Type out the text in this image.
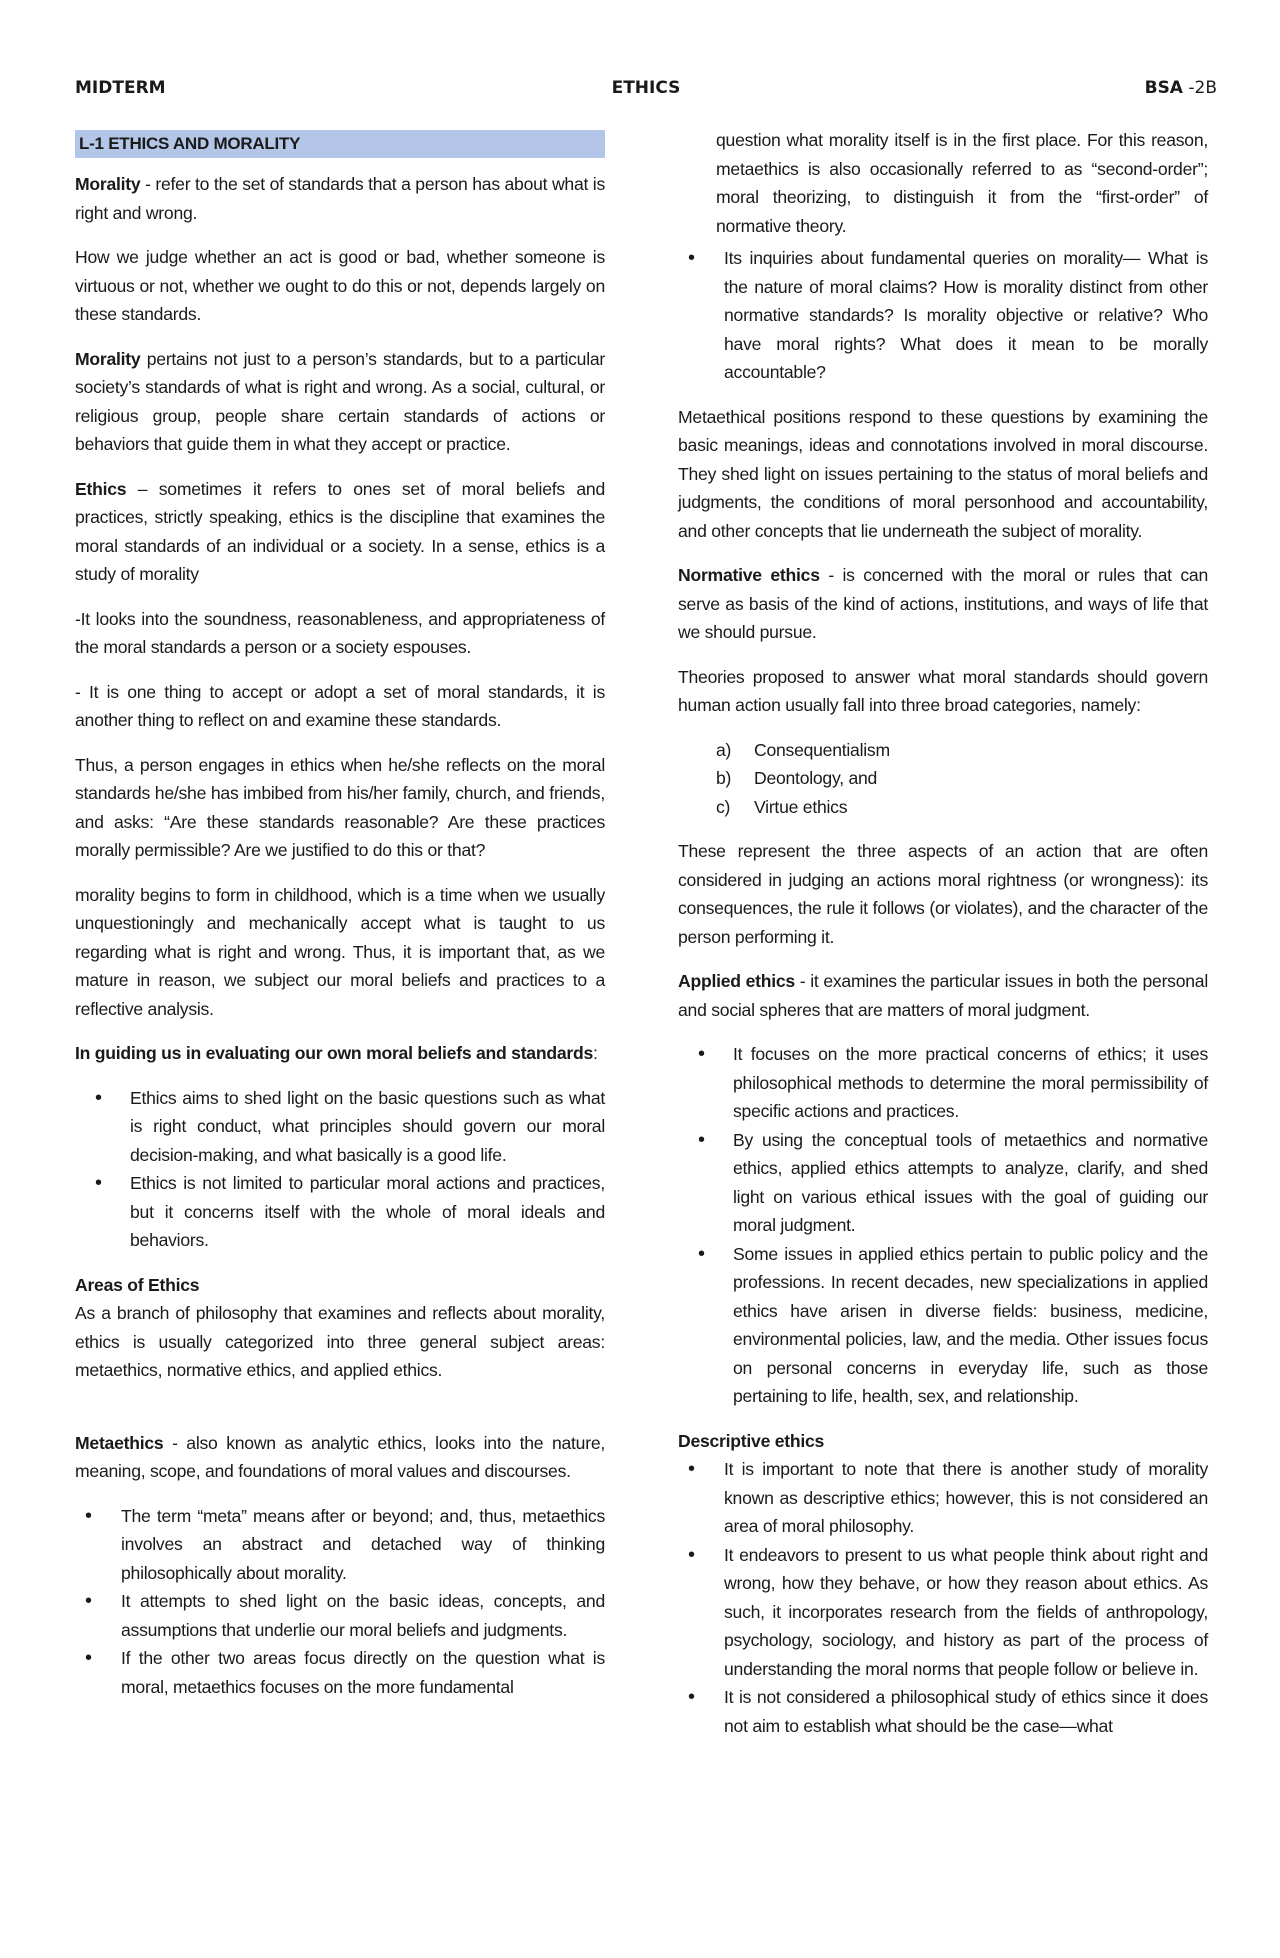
MIDTERM	ETHICS	BSA -2B
L-1 ETHICS AND MORALITY

Morality - refer to the set of standards that a person has about what is right and wrong.

How we judge whether an act is good or bad, whether someone is virtuous or not, whether we ought to do this or not, depends largely on these standards.

Morality pertains not just to a person’s standards, but to a particular society’s standards of what is right and wrong. As a social, cultural, or religious group, people share certain standards of actions or behaviors that guide them in what they accept or practice.

Ethics – sometimes it refers to ones set of moral beliefs and practices, strictly speaking, ethics is the discipline that examines the moral standards of an individual or a society. In a sense, ethics is a study of morality

-It looks into the soundness, reasonableness, and appropriateness of the moral standards a person or a society espouses.

- It is one thing to accept or adopt a set of moral standards, it is another thing to reflect on and examine these standards.

Thus, a person engages in ethics when he/she reflects on the moral standards he/she has imbibed from his/her family, church, and friends, and asks: “Are these standards reasonable? Are these practices morally permissible? Are we justified to do this or that?

morality begins to form in childhood, which is a time when we usually unquestioningly and mechanically accept what is taught to us regarding what is right and wrong. Thus, it is important that, as we mature in reason, we subject our moral beliefs and practices to a reflective analysis.

In guiding us in evaluating our own moral beliefs and standards:

• Ethics aims to shed light on the basic questions such as what is right conduct, what principles should govern our moral decision-making, and what basically is a good life.
• Ethics is not limited to particular moral actions and practices, but it concerns itself with the whole of moral ideals and behaviors.
Areas of Ethics

As a branch of philosophy that examines and reflects about morality, ethics is usually categorized into three general subject areas: metaethics, normative ethics, and applied ethics.

Metaethics - also known as analytic ethics, looks into the nature, meaning, scope, and foundations of moral values and discourses.

• The term “meta” means after or beyond; and, thus, metaethics involves an abstract and detached way of thinking philosophically about morality.
• It attempts to shed light on the basic ideas, concepts, and assumptions that underlie our moral beliefs and judgments.
• If the other two areas focus directly on the question what is moral, metaethics focuses on the more fundamental
question what morality itself is in the first place. For this reason, metaethics is also occasionally referred to as “second-order”; moral theorizing, to distinguish it from the “first-order” of normative theory.
• Its inquiries about fundamental queries on morality— What is the nature of moral claims? How is morality distinct from other normative standards? Is morality objective or relative? Who have moral rights? What does it mean to be morally accountable?

Metaethical positions respond to these questions by examining the basic meanings, ideas and connotations involved in moral discourse. They shed light on issues pertaining to the status of moral beliefs and judgments, the conditions of moral personhood and accountability, and other concepts that lie underneath the subject of morality.

Normative ethics - is concerned with the moral or rules that can serve as basis of the kind of actions, institutions, and ways of life that we should pursue.

Theories proposed to answer what moral standards should govern human action usually fall into three broad categories, namely:

a) Consequentialism
b) Deontology, and
c) Virtue ethics

These represent the three aspects of an action that are often considered in judging an actions moral rightness (or wrongness): its consequences, the rule it follows (or violates), and the character of the person performing it.

Applied ethics - it examines the particular issues in both the personal and social spheres that are matters of moral judgment.

• It focuses on the more practical concerns of ethics; it uses philosophical methods to determine the moral permissibility of specific actions and practices.
• By using the conceptual tools of metaethics and normative ethics, applied ethics attempts to analyze, clarify, and shed light on various ethical issues with the goal of guiding our moral judgment.
• Some issues in applied ethics pertain to public policy and the professions. In recent decades, new specializations in applied ethics have arisen in diverse fields: business, medicine, environmental policies, law, and the media. Other issues focus on personal concerns in everyday life, such as those pertaining to life, health, sex, and relationship.
Descriptive ethics
• It is important to note that there is another study of morality known as descriptive ethics; however, this is not considered an area of moral philosophy.
• It endeavors to present to us what people think about right and wrong, how they behave, or how they reason about ethics. As such, it incorporates research from the fields of anthropology, psychology, sociology, and history as part of the process of understanding the moral norms that people follow or believe in.
• It is not considered a philosophical study of ethics since it does not aim to establish what should be the case—what
